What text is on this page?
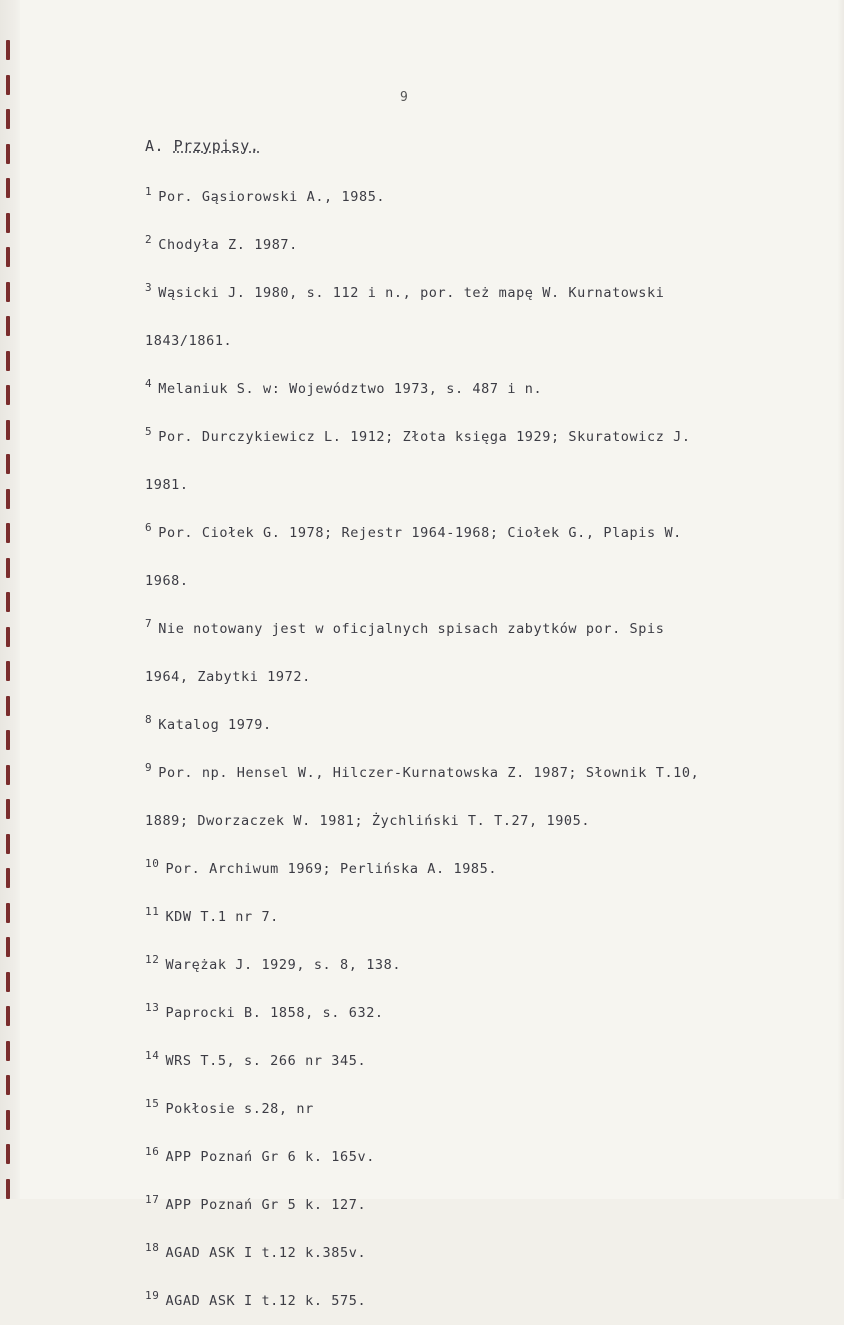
9
A. Przypisy.
$^1$ Por. Gąsiorowski A., 1985.
$^2$ Chodyła Z. 1987.
$^3$ Wąsicki J. 1980, s. 112 i n., por. też mapę W. Kurnatowski
1843/1861.
$^4$ Melaniuk S. w: Województwo 1973, s. 487 i n.
$^5$ Por. Durczykiewicz L. 1912; Złota księga 1929; Skuratowicz J.
1981.
$^6$ Por. Ciołek G. 1978; Rejestr 1964-1968; Ciołek G., Plapis W.
1968.
$^7$ Nie notowany jest w oficjalnych spisach zabytków por. Spis
1964, Zabytki 1972.
$^8$ Katalog 1979.
$^9$ Por. np. Hensel W., Hilczer-Kurnatowska Z. 1987; Słownik T.10,
1889; Dworzaczek W. 1981; Żychliński T. T.27, 1905.
$^{10}$ Por. Archiwum 1969; Perlińska A. 1985.
$^{11}$ KDW T.1 nr 7.
$^{12}$ Warężak J. 1929, s. 8, 138.
$^{13}$ Paprocki B. 1858, s. 632.
$^{14}$ WRS T.5, s. 266 nr 345.
$^{15}$ Pokłosie s.28, nr
$^{16}$ APP Poznań Gr 6 k. 165v.
$^{17}$ APP Poznań Gr 5 k. 127.
$^{18}$ AGAD ASK I t.12 k.385v.
$^{19}$ AGAD ASK I t.12 k. 575.
